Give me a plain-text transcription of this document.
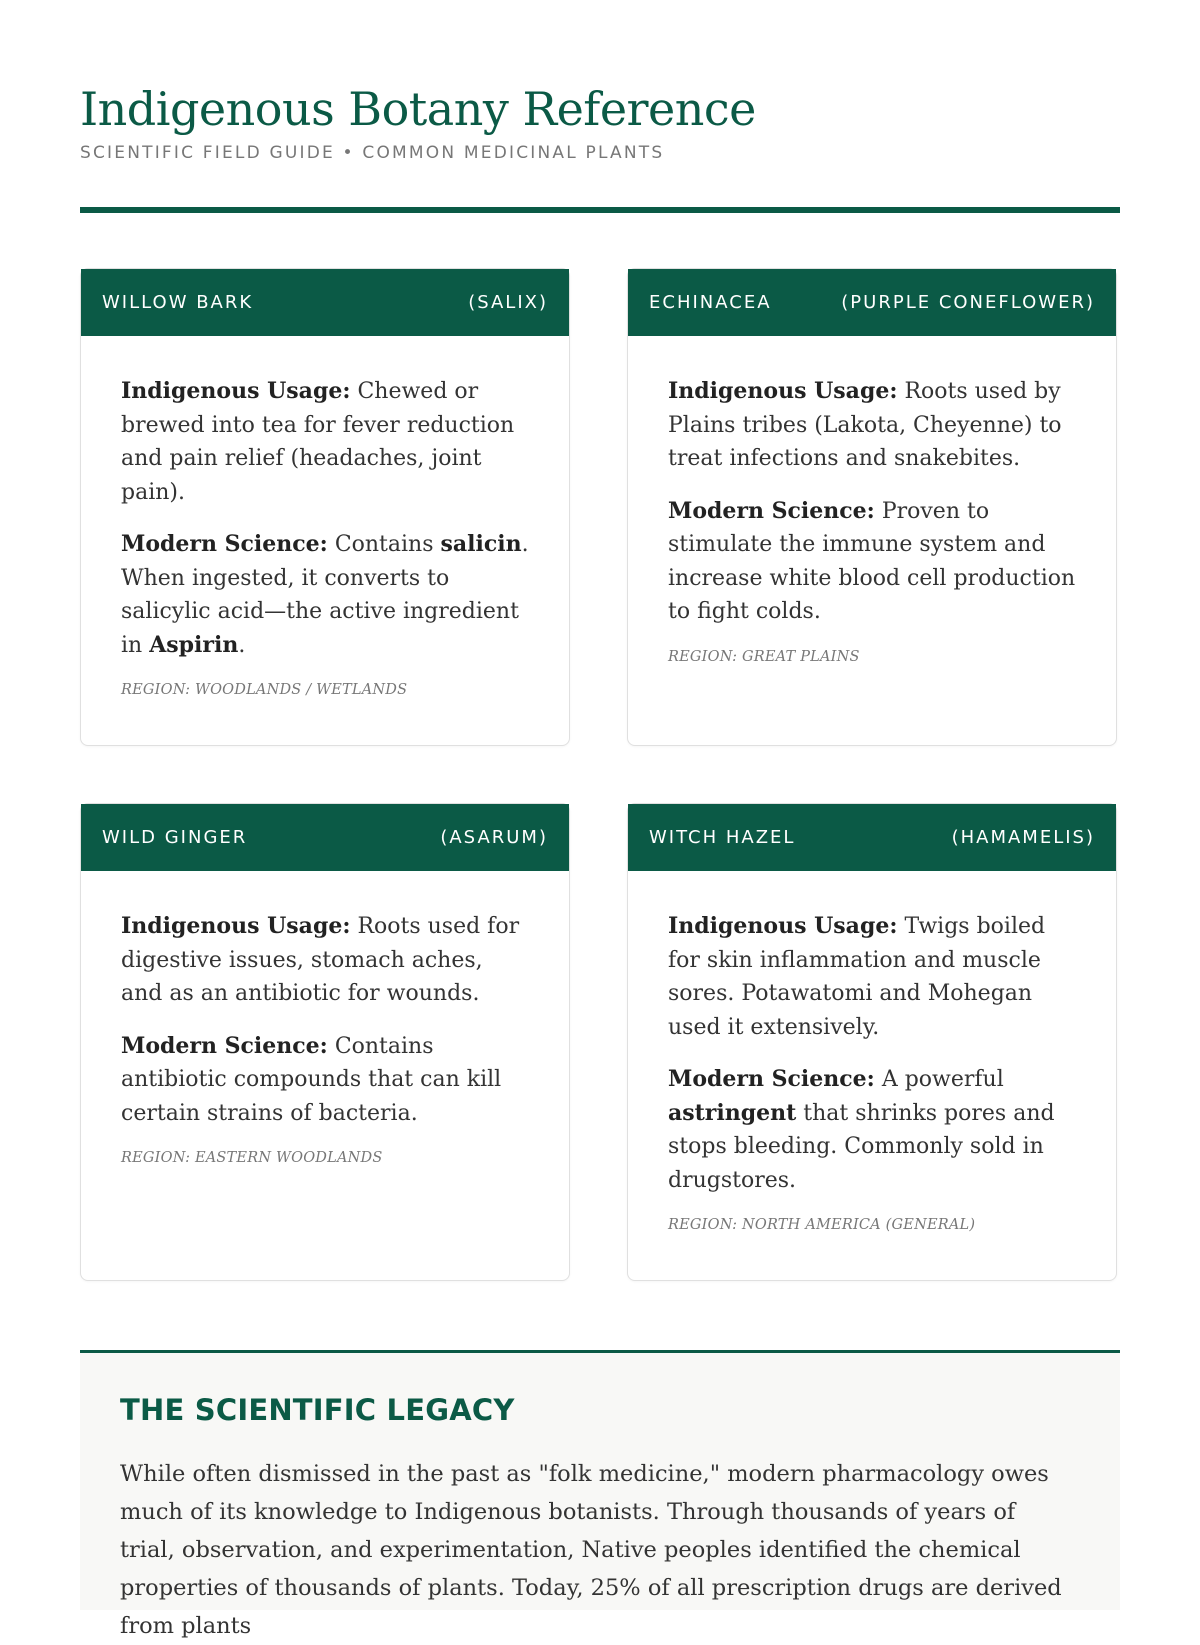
Indigenous Botany Reference
SCIENTIFIC FIELD GUIDE • COMMON MEDICINAL PLANTS
WILLOW BARK	(SALIX)

Indigenous Usage: Chewed or brewed into tea for fever reduction and pain relief (headaches, joint pain).

Modern Science: Contains salicin. When ingested, it converts to salicylic acid—the active ingredient in Aspirin.

REGION: WOODLANDS / WETLANDS
ECHINACEA	(PURPLE CONEFLOWER)

Indigenous Usage: Roots used by Plains tribes (Lakota, Cheyenne) to treat infections and snakebites.

Modern Science: Proven to stimulate the immune system and increase white blood cell production to fight colds.

REGION: GREAT PLAINS
WILD GINGER	(ASARUM)

Indigenous Usage: Roots used for digestive issues, stomach aches, and as an antibiotic for wounds.

Modern Science: Contains antibiotic compounds that can kill certain strains of bacteria.

REGION: EASTERN WOODLANDS
WITCH HAZEL	(HAMAMELIS)

Indigenous Usage: Twigs boiled for skin inflammation and muscle sores. Potawatomi and Mohegan used it extensively.

Modern Science: A powerful astringent that shrinks pores and stops bleeding. Commonly sold in drugstores.

REGION: NORTH AMERICA (GENERAL)
THE SCIENTIFIC LEGACY

While often dismissed in the past as "folk medicine," modern pharmacology owes much of its knowledge to Indigenous botanists. Through thousands of years of trial, observation, and experimentation, Native peoples identified the chemical properties of thousands of plants. Today, 25% of all prescription drugs are derived from plants
